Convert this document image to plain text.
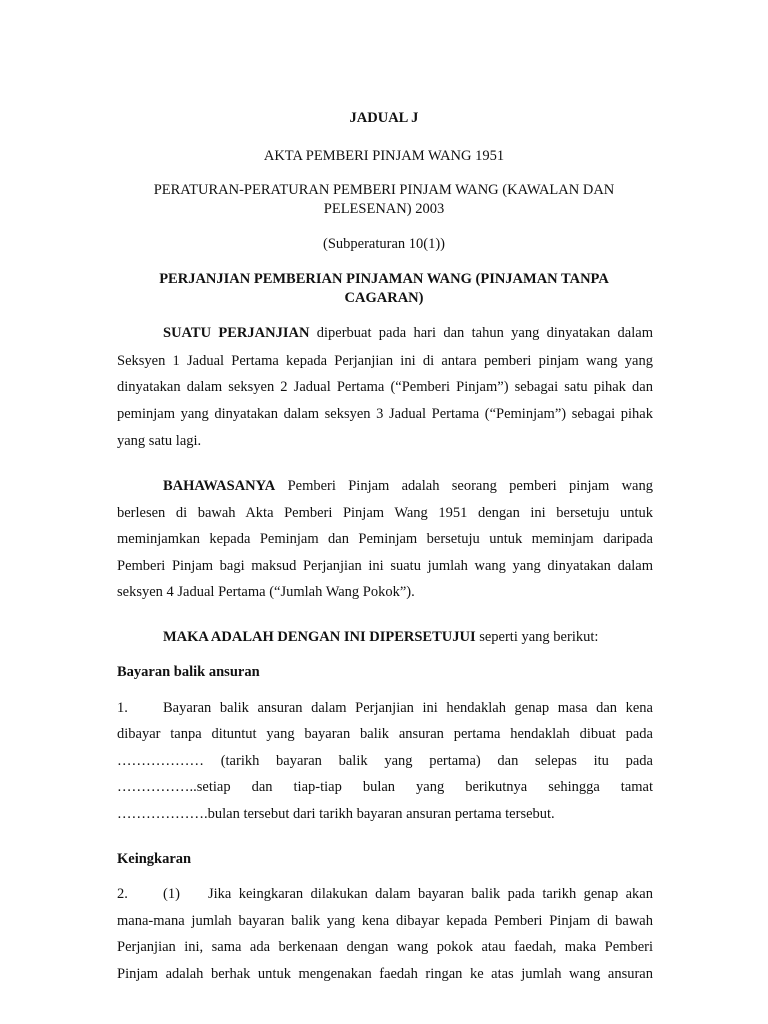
JADUAL J

AKTA PEMBERI PINJAM WANG 1951

PERATURAN-PERATURAN PEMBERI PINJAM WANG (KAWALAN DAN

PELESENAN) 2003

(Subperaturan 10(1))

PERJANJIAN PEMBERIAN PINJAMAN WANG (PINJAMAN TANPA

CAGARAN)

SUATU PERJANJIAN diperbuat pada hari dan tahun yang dinyatakan dalam

Seksyen 1 Jadual Pertama kepada Perjanjian ini di antara pemberi pinjam wang yang

dinyatakan dalam seksyen 2 Jadual Pertama (“Pemberi Pinjam”) sebagai satu pihak dan

peminjam yang dinyatakan dalam seksyen 3 Jadual Pertama (“Peminjam”) sebagai pihak

yang satu lagi.

BAHAWASANYA Pemberi Pinjam adalah seorang pemberi pinjam wang

berlesen di bawah Akta Pemberi Pinjam Wang 1951 dengan ini bersetuju untuk

meminjamkan kepada Peminjam dan Peminjam bersetuju untuk meminjam daripada

Pemberi Pinjam bagi maksud Perjanjian ini suatu jumlah wang yang dinyatakan dalam

seksyen 4 Jadual Pertama (“Jumlah Wang Pokok”).

MAKA ADALAH DENGAN INI DIPERSETUJUI seperti yang berikut:

Bayaran balik ansuran

1. Bayaran balik ansuran dalam Perjanjian ini hendaklah genap masa dan kena

dibayar tanpa dituntut yang bayaran balik ansuran pertama hendaklah dibuat pada

……………… (tarikh bayaran balik yang pertama) dan selepas itu pada

……………..setiap dan tiap-tiap bulan yang berikutnya sehingga tamat

……………….bulan tersebut dari tarikh bayaran ansuran pertama tersebut.

Keingkaran

2. (1) Jika keingkaran dilakukan dalam bayaran balik pada tarikh genap akan

mana-mana jumlah bayaran balik yang kena dibayar kepada Pemberi Pinjam di bawah

Perjanjian ini, sama ada berkenaan dengan wang pokok atau faedah, maka Pemberi

Pinjam adalah berhak untuk mengenakan faedah ringan ke atas jumlah wang ansuran
